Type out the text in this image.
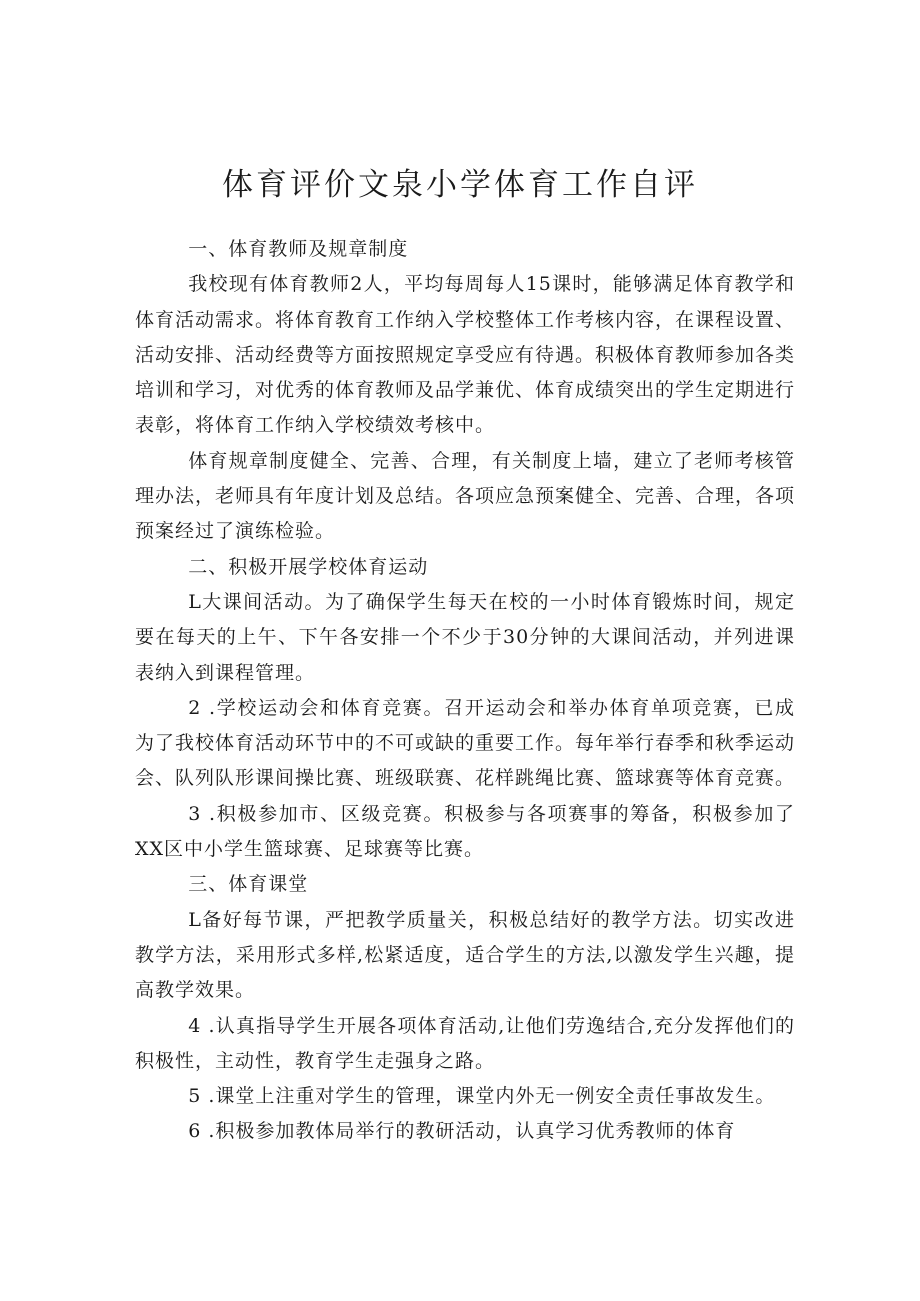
体育评价文泉小学体育工作自评

一、体育教师及规章制度

我校现有体育教师2人，平均每周每人15课时，能够满足体育教学和体育活动需求。将体育教育工作纳入学校整体工作考核内容，在课程设置、活动安排、活动经费等方面按照规定享受应有待遇。积极体育教师参加各类培训和学习，对优秀的体育教师及品学兼优、体育成绩突出的学生定期进行表彰，将体育工作纳入学校绩效考核中。

体育规章制度健全、完善、合理，有关制度上墙，建立了老师考核管理办法，老师具有年度计划及总结。各项应急预案健全、完善、合理，各项预案经过了演练检验。

二、积极开展学校体育运动

L大课间活动。为了确保学生每天在校的一小时体育锻炼时间，规定要在每天的上午、下午各安排一个不少于30分钟的大课间活动，并列进课表纳入到课程管理。

2 .学校运动会和体育竞赛。召开运动会和举办体育单项竞赛，已成为了我校体育活动环节中的不可或缺的重要工作。每年举行春季和秋季运动会、队列队形课间操比赛、班级联赛、花样跳绳比赛、篮球赛等体育竞赛。

3 .积极参加市、区级竞赛。积极参与各项赛事的筹备，积极参加了XX区中小学生篮球赛、足球赛等比赛。

三、体育课堂

L备好每节课，严把教学质量关，积极总结好的教学方法。切实改进教学方法，采用形式多样,松紧适度，适合学生的方法,以激发学生兴趣，提高教学效果。

4 .认真指导学生开展各项体育活动,让他们劳逸结合,充分发挥他们的积极性，主动性，教育学生走强身之路。

5 .课堂上注重对学生的管理，课堂内外无一例安全责任事故发生。

6 .积极参加教体局举行的教研活动，认真学习优秀教师的体育
